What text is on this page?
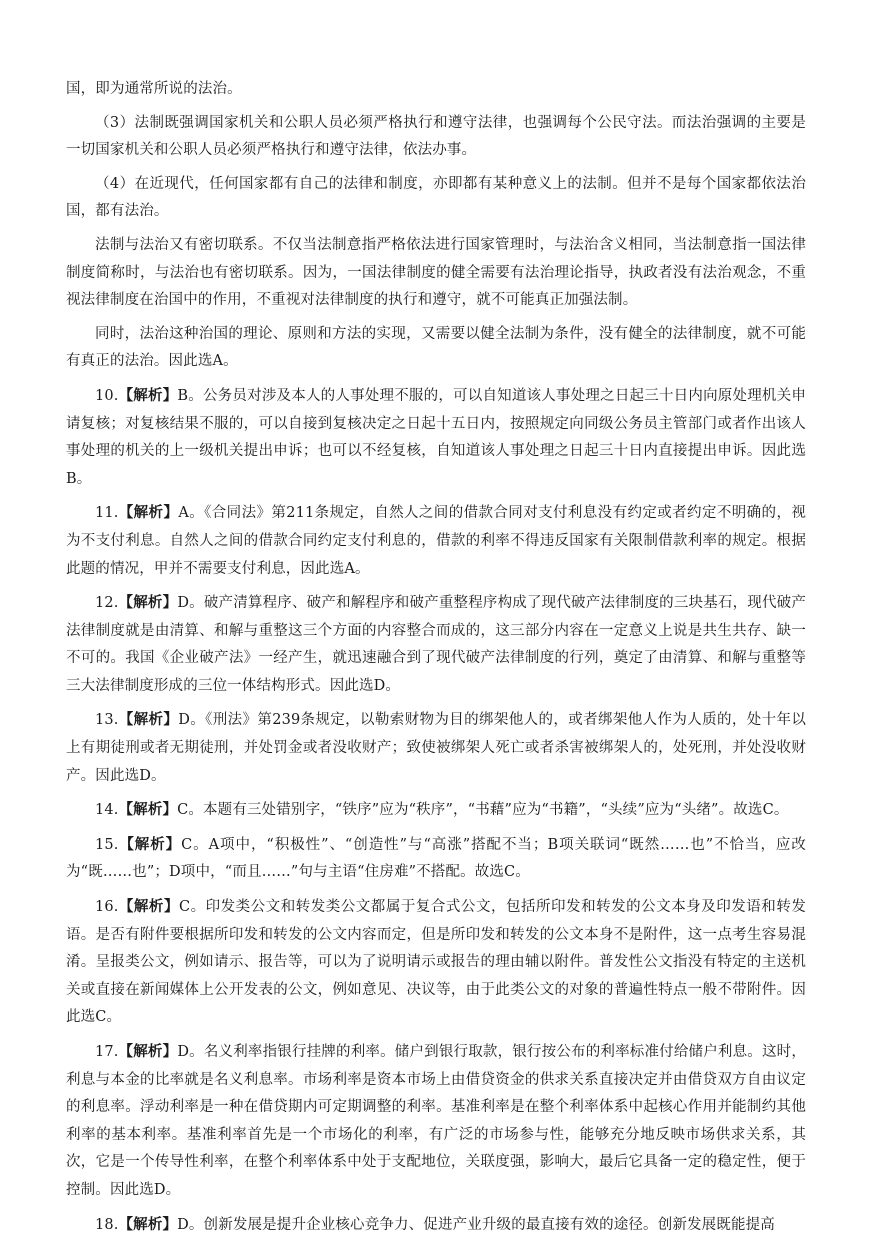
国，即为通常所说的法治。

（3）法制既强调国家机关和公职人员必须严格执行和遵守法律，也强调每个公民守法。而法治强调的主要是一切国家机关和公职人员必须严格执行和遵守法律，依法办事。

（4）在近现代，任何国家都有自己的法律和制度，亦即都有某种意义上的法制。但并不是每个国家都依法治国，都有法治。

法制与法治又有密切联系。不仅当法制意指严格依法进行国家管理时，与法治含义相同，当法制意指一国法律制度简称时，与法治也有密切联系。因为，一国法律制度的健全需要有法治理论指导，执政者没有法治观念，不重视法律制度在治国中的作用，不重视对法律制度的执行和遵守，就不可能真正加强法制。

同时，法治这种治国的理论、原则和方法的实现，又需要以健全法制为条件，没有健全的法律制度，就不可能有真正的法治。因此选A。

10.【解析】B。公务员对涉及本人的人事处理不服的，可以自知道该人事处理之日起三十日内向原处理机关申请复核；对复核结果不服的，可以自接到复核决定之日起十五日内，按照规定向同级公务员主管部门或者作出该人事处理的机关的上一级机关提出申诉；也可以不经复核，自知道该人事处理之日起三十日内直接提出申诉。因此选B。

11.【解析】A。《合同法》第211条规定，自然人之间的借款合同对支付利息没有约定或者约定不明确的，视为不支付利息。自然人之间的借款合同约定支付利息的，借款的利率不得违反国家有关限制借款利率的规定。根据此题的情况，甲并不需要支付利息，因此选A。

12.【解析】D。破产清算程序、破产和解程序和破产重整程序构成了现代破产法律制度的三块基石，现代破产法律制度就是由清算、和解与重整这三个方面的内容整合而成的，这三部分内容在一定意义上说是共生共存、缺一不可的。我国《企业破产法》一经产生，就迅速融合到了现代破产法律制度的行列，奠定了由清算、和解与重整等三大法律制度形成的三位一体结构形式。因此选D。

13.【解析】D。《刑法》第239条规定，以勒索财物为目的绑架他人的，或者绑架他人作为人质的，处十年以上有期徒刑或者无期徒刑，并处罚金或者没收财产；致使被绑架人死亡或者杀害被绑架人的，处死刑，并处没收财产。因此选D。

14.【解析】C。本题有三处错别字，“铁序”应为“秩序”，“书藉”应为“书籍”，“头续”应为“头绪”。故选C。

15.【解析】C。A项中，“积极性”、“创造性”与“高涨”搭配不当；B项关联词“既然……也”不恰当，应改为“既……也”；D项中，“而且……”句与主语“住房难”不搭配。故选C。

16.【解析】C。印发类公文和转发类公文都属于复合式公文，包括所印发和转发的公文本身及印发语和转发语。是否有附件要根据所印发和转发的公文内容而定，但是所印发和转发的公文本身不是附件，这一点考生容易混淆。呈报类公文，例如请示、报告等，可以为了说明请示或报告的理由辅以附件。普发性公文指没有特定的主送机关或直接在新闻媒体上公开发表的公文，例如意见、决议等，由于此类公文的对象的普遍性特点一般不带附件。因此选C。

17.【解析】D。名义利率指银行挂牌的利率。储户到银行取款，银行按公布的利率标准付给储户利息。这时，利息与本金的比率就是名义利息率。市场利率是资本市场上由借贷资金的供求关系直接决定并由借贷双方自由议定的利息率。浮动利率是一种在借贷期内可定期调整的利率。基准利率是在整个利率体系中起核心作用并能制约其他利率的基本利率。基准利率首先是一个市场化的利率，有广泛的市场参与性，能够充分地反映市场供求关系，其次，它是一个传导性利率，在整个利率体系中处于支配地位，关联度强，影响大，最后它具备一定的稳定性，便于控制。因此选D。

18.【解析】D。创新发展是提升企业核心竞争力、促进产业升级的最直接有效的途径。创新发展既能提高
